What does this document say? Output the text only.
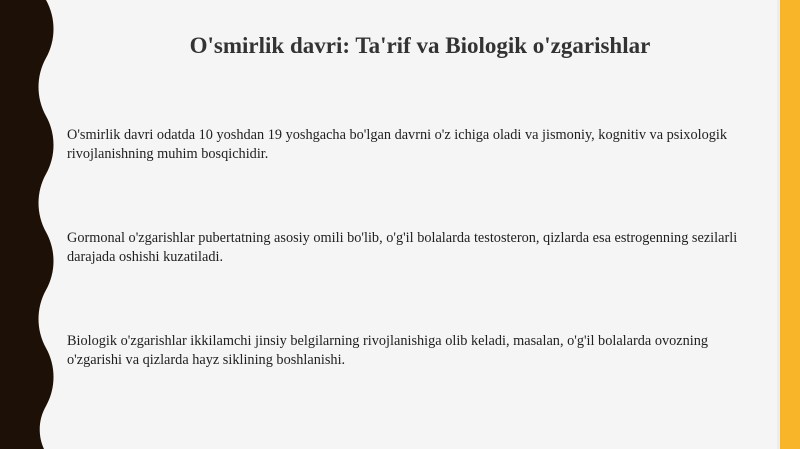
O'smirlik davri: Ta'rif va Biologik o'zgarishlar

O'smirlik davri odatda 10 yoshdan 19 yoshgacha bo'lgan davrni o'z ichiga oladi va jismoniy, kognitiv va psixologik rivojlanishning muhim bosqichidir.

Gormonal o'zgarishlar pubertatning asosiy omili bo'lib, o'g'il bolalarda testosteron, qizlarda esa estrogenning sezilarli darajada oshishi kuzatiladi.

Biologik o'zgarishlar ikkilamchi jinsiy belgilarning rivojlanishiga olib keladi, masalan, o'g'il bolalarda ovozning o'zgarishi va qizlarda hayz siklining boshlanishi.
